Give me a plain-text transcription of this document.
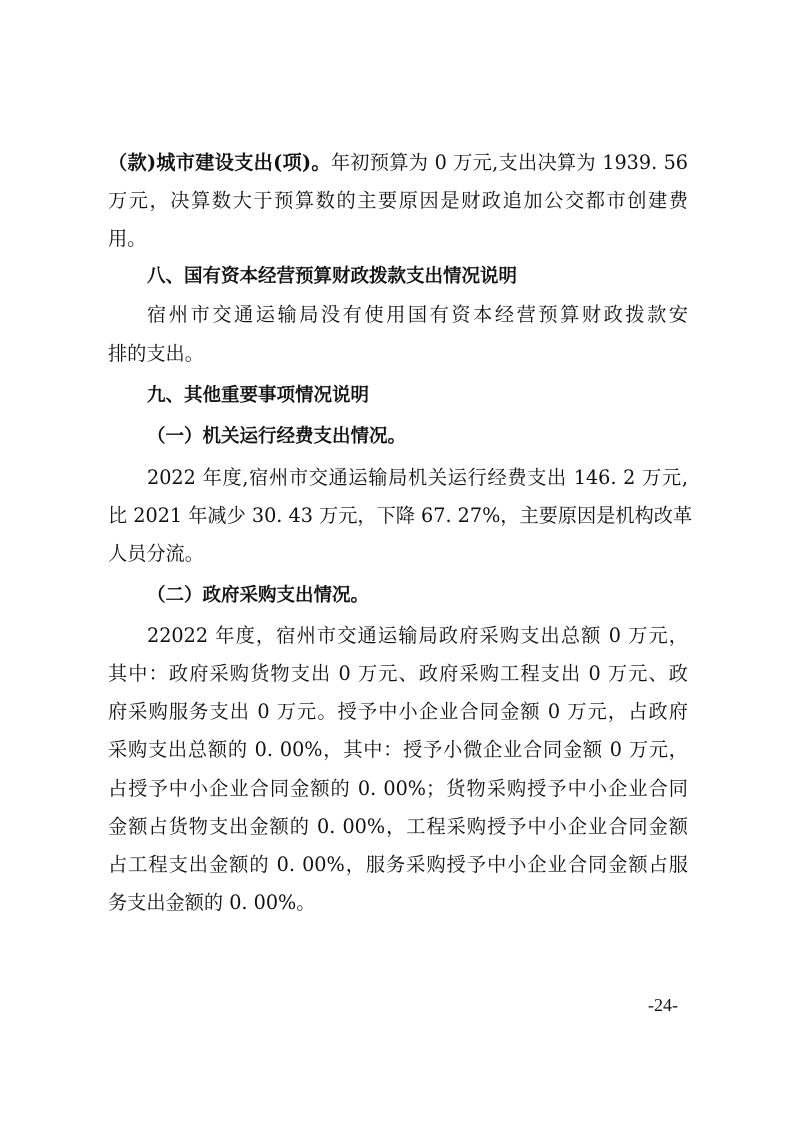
（款)城市建设支出(项)。年初预算为 0 万元,支出决算为 1939. 56
万元，决算数大于预算数的主要原因是财政追加公交都市创建费
用。
八、国有资本经营预算财政拨款支出情况说明
宿州市交通运输局没有使用国有资本经营预算财政拨款安
排的支出。
九、其他重要事项情况说明
（一）机关运行经费支出情况。
2022 年度,宿州市交通运输局机关运行经费支出 146. 2 万元,
比 2021 年减少 30. 43 万元，下降 67. 27%，主要原因是机构改革
人员分流。
（二）政府采购支出情况。
22022 年度，宿州市交通运输局政府采购支出总额 0 万元，
其中：政府采购货物支出 0 万元、政府采购工程支出 0 万元、政
府采购服务支出 0 万元。授予中小企业合同金额 0 万元，占政府
采购支出总额的 0. 00%，其中：授予小微企业合同金额 0 万元，
占授予中小企业合同金额的 0. 00%；货物采购授予中小企业合同
金额占货物支出金额的 0. 00%，工程采购授予中小企业合同金额
占工程支出金额的 0. 00%，服务采购授予中小企业合同金额占服
务支出金额的 0. 00%。
-24-
